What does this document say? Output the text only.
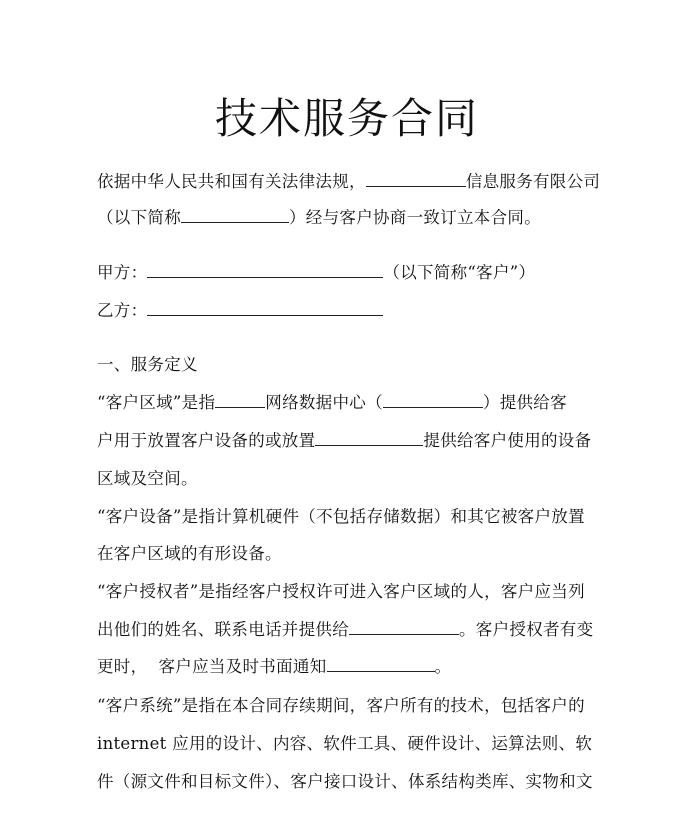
技术服务合同
依据中华人民共和国有关法律法规，	信息服务有限公司
（以下简称	）经与客户协商一致订立本合同。
甲方：	（以下简称“客户”）
乙方：
一、服务定义
“客户区域”是指	网络数据中心（	）提供给客
户用于放置客户设备的或放置	提供给客户使用的设备
区域及空间。
“客户设备”是指计算机硬件（不包括存储数据）和其它被客户放置
在客户区域的有形设备。
“客户授权者”是指经客户授权许可进入客户区域的人，客户应当列
出他们的姓名、联系电话并提供给	。客户授权者有变
更时，  客户应当及时书面通知	。
“客户系统”是指在本合同存续期间，客户所有的技术，包括客户的
internet 应用的设计、内容、软件工具、硬件设计、运算法则、软
件（源文件和目标文件）、客户接口设计、体系结构类库、实物和文
